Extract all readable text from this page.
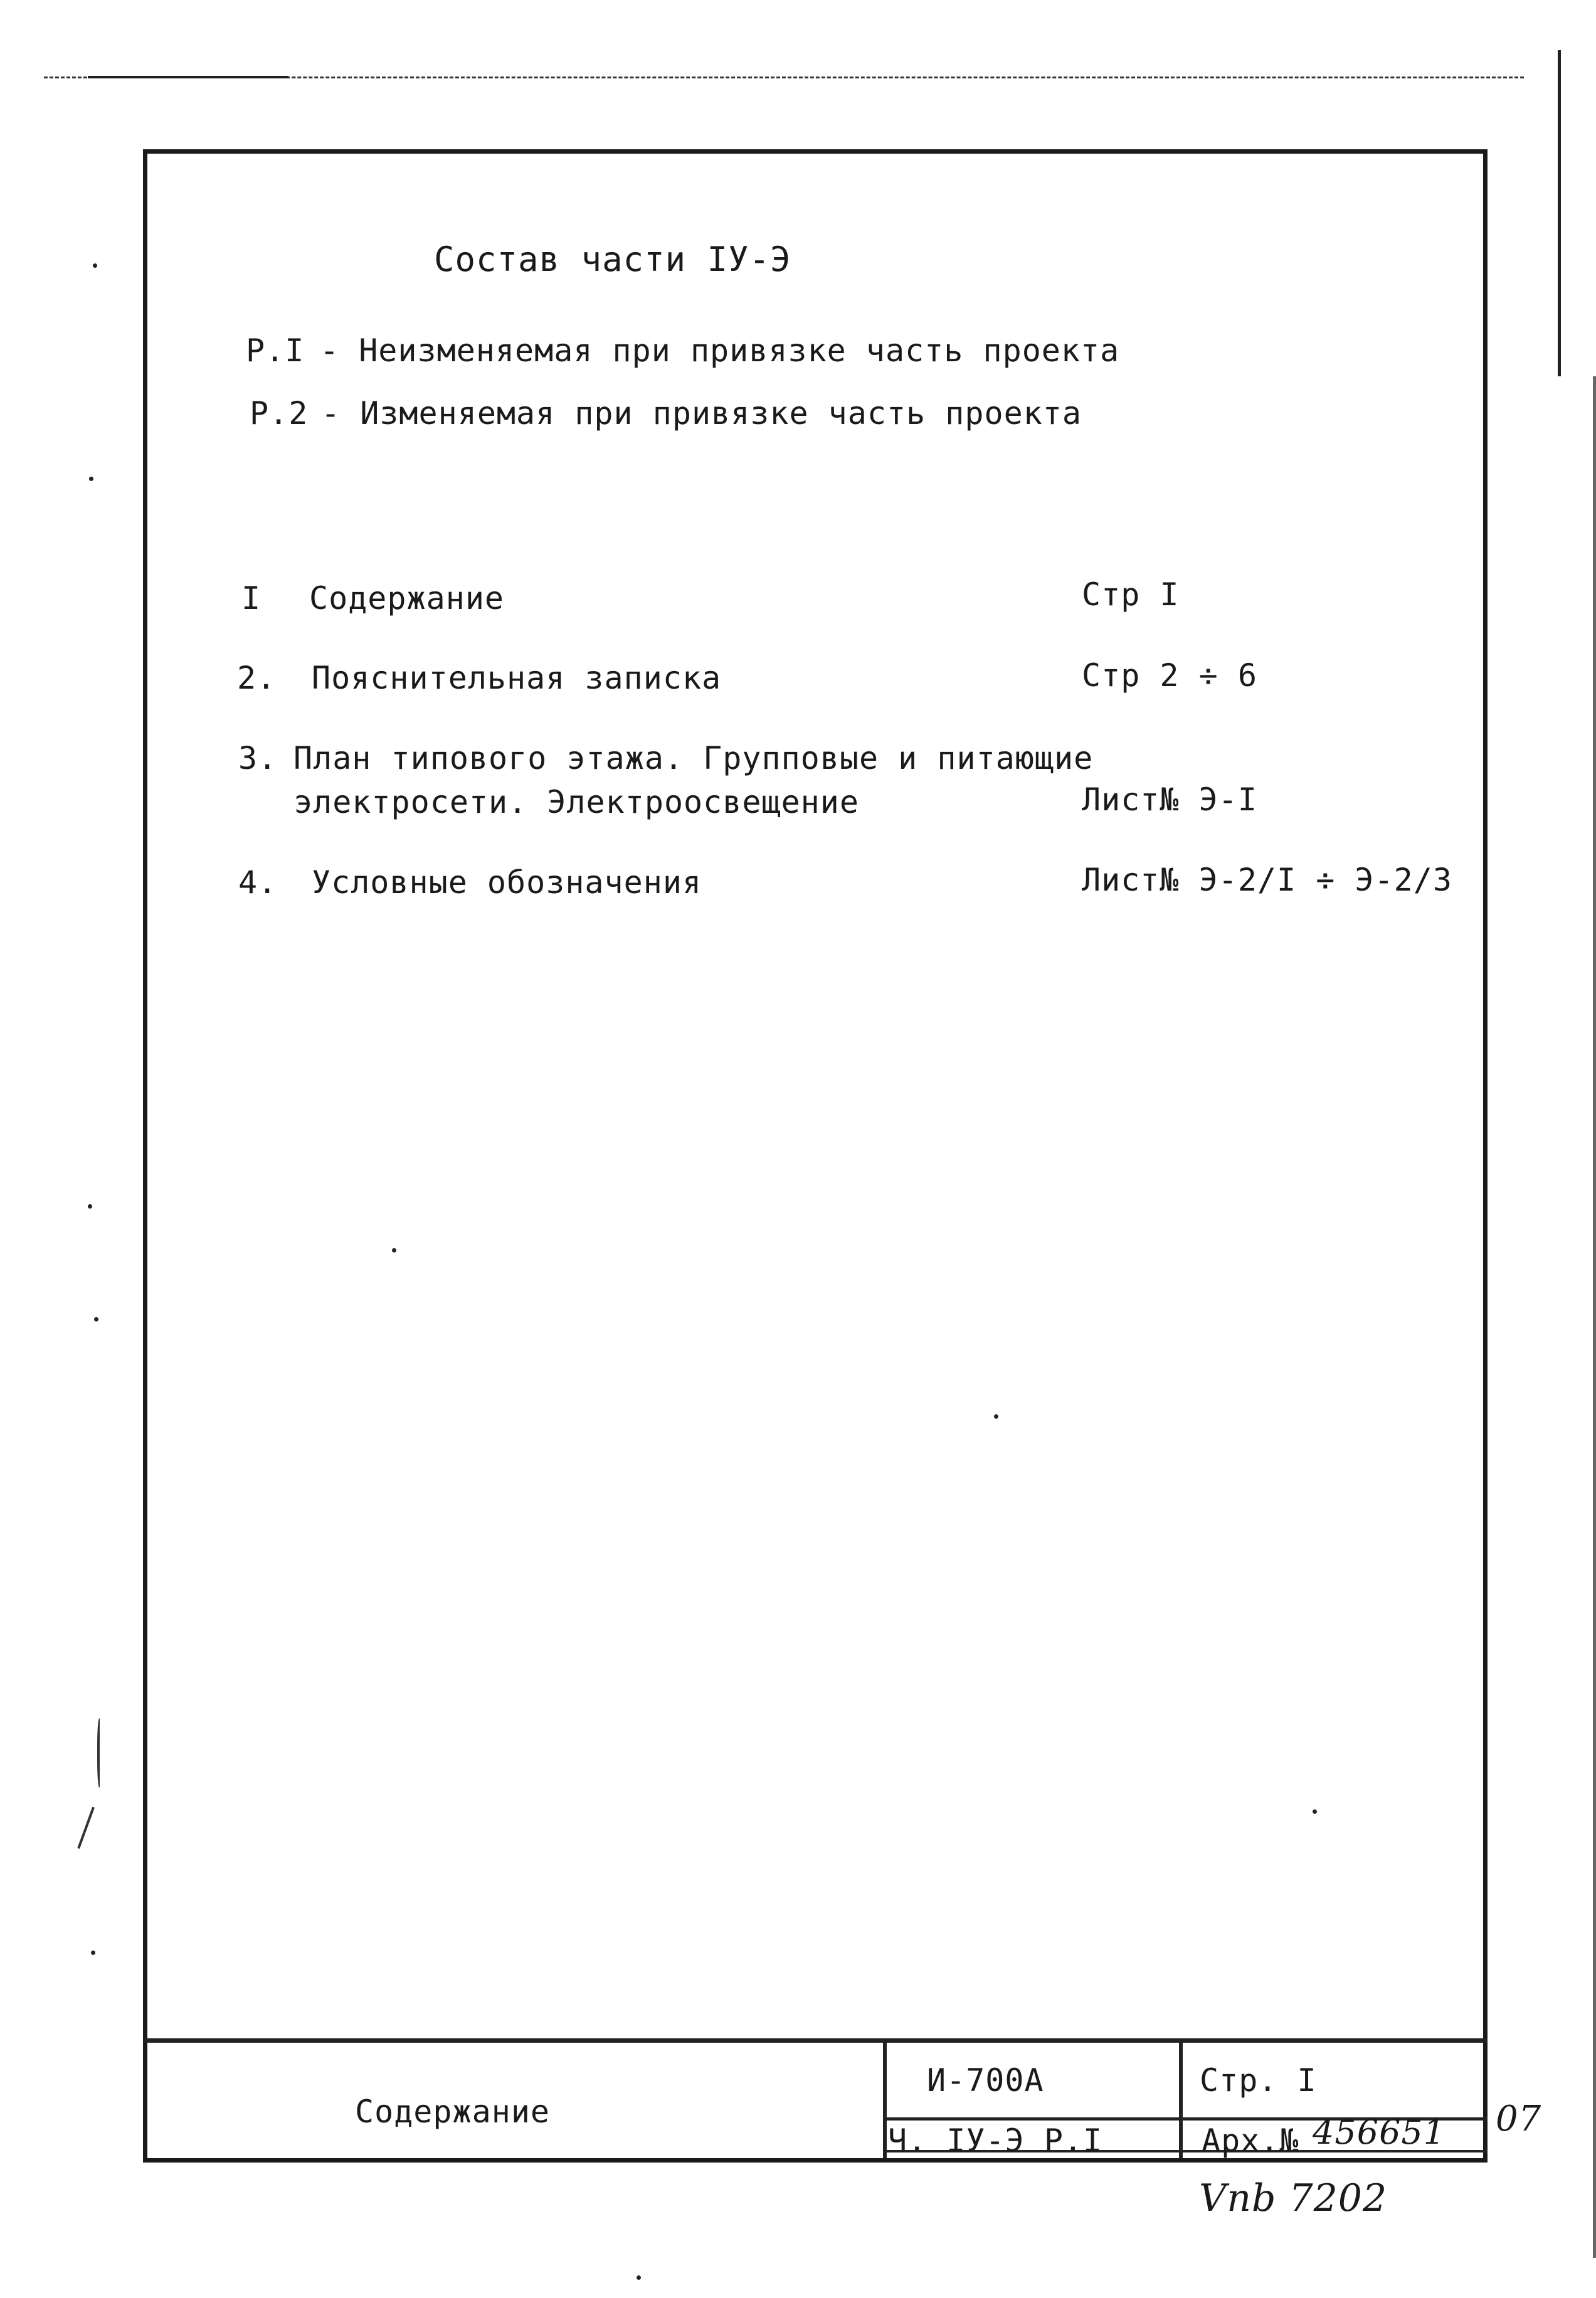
Состав части IУ-Э
Р.I - Неизменяемая при привязке часть проекта
Р.2 - Изменяемая при привязке часть проекта
I Содержание	Стр I
2. Пояснительная записка	Стр 2 ÷ 6
3. План типового этажа. Групповые и питающие
электросети. Электроосвещение	Лист№ Э-I
4. Условные обозначения	Лист№ Э-2/I ÷ Э-2/3
Содержание
И-700А	Стр. I
Ч. IУ-Э Р.I	Арх.№ 456651 07
Vnb 7202
